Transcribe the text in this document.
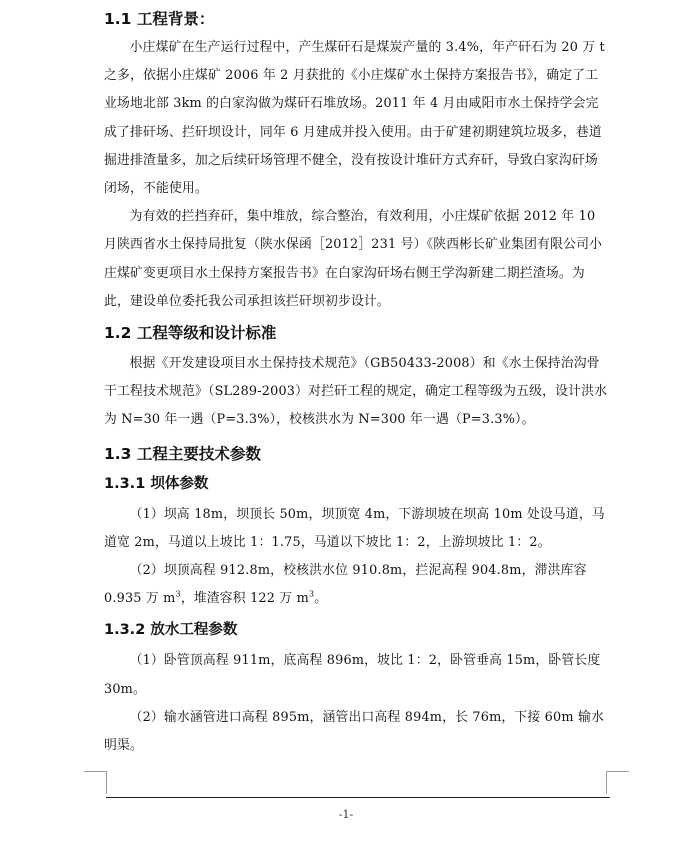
1.1 工程背景：

小庄煤矿在生产运行过程中，产生煤矸石是煤炭产量的 3.4%，年产矸石为 20 万 t 之多，依据小庄煤矿 2006 年 2 月获批的《小庄煤矿水土保持方案报告书》，确定了工业场地北部 3km 的白家沟做为煤矸石堆放场。2011 年 4 月由咸阳市水土保持学会完成了排矸场、拦矸坝设计，同年 6 月建成并投入使用。由于矿建初期建筑垃圾多，巷道掘进排渣量多，加之后续矸场管理不健全，没有按设计堆矸方式弃矸，导致白家沟矸场闭场，不能使用。

为有效的拦挡弃矸，集中堆放，综合整治，有效利用，小庄煤矿依据 2012 年 10 月陕西省水土保持局批复（陕水保函［2012］231 号）《陕西彬长矿业集团有限公司小庄煤矿变更项目水土保持方案报告书》在白家沟矸场右侧王学沟新建二期拦渣场。为此，建设单位委托我公司承担该拦矸坝初步设计。

1.2 工程等级和设计标准

根据《开发建设项目水土保持技术规范》（GB50433-2008）和《水土保持治沟骨干工程技术规范》（SL289-2003）对拦矸工程的规定，确定工程等级为五级，设计洪水为 N=30 年一遇（P=3.3%），校核洪水为 N=300 年一遇（P=3.3%）。

1.3 工程主要技术参数
1.3.1 坝体参数

（1）坝高 18m，坝顶长 50m，坝顶宽 4m，下游坝坡在坝高 10m 处设马道，马道宽 2m，马道以上坡比 1：1.75，马道以下坡比 1：2，上游坝坡比 1：2。

（2）坝顶高程 912.8m，校核洪水位 910.8m，拦泥高程 904.8m，滞洪库容 0.935 万 $m^3$，堆渣容积 122 万 $m^3$。

1.3.2 放水工程参数

（1）卧管顶高程 911m，底高程 896m，坡比 1：2，卧管垂高 15m，卧管长度 30m。

（2）输水涵管进口高程 895m，涵管出口高程 894m，长 76m，下接 60m 输水明渠。

-1-
